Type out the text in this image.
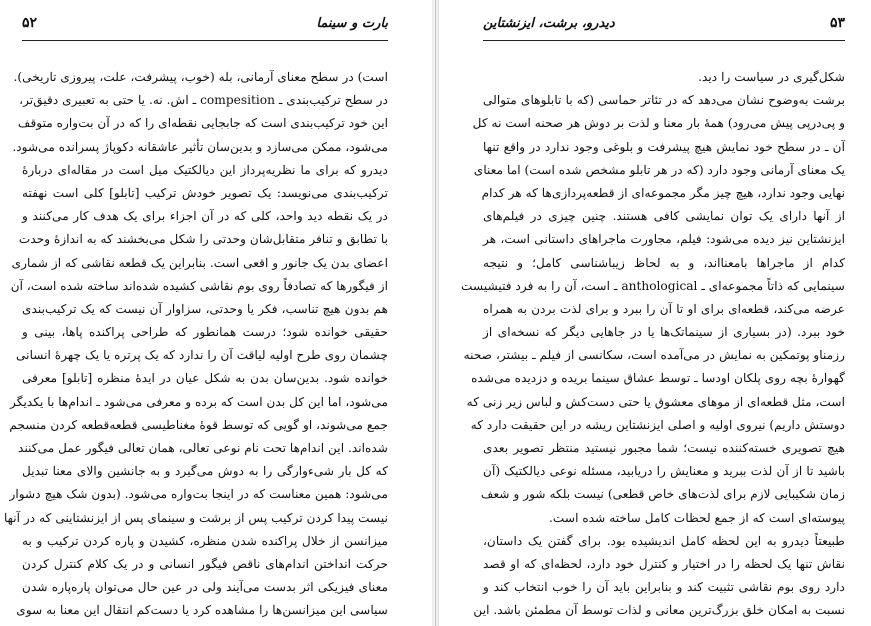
بارت و سینما
۵۲
است) در سطح معنای آرمانی، بله (خوب، پیشرفت، علت، پیروزی تاریخی).
در سطح ترکیب‌بندی ـ compesition ـ اش. نه. یا حتی به تعبیری دقیق‌تر،
این خود ترکیب‌بندی است که جابجایی نقطه‌ای را که در آن بت‌واره متوقف
می‌شود، ممکن می‌سازد و بدین‌سان تأثیر عاشقانه دکوپاژ پسرانده می‌شود.
دیدرو که برای ما نظریه‌پرداز این دیالکتیک میل است در مقاله‌ای دربارهٔ
ترکیب‌بندی می‌نویسد: یک تصویر خودش ترکیب [تابلو] کلی است نهفته
در یک نقطه دید واحد، کلی که در آن اجزاء برای یک هدف کار می‌کنند و
با تطابق و تنافر متقابل‌شان وحدتی را شکل می‌بخشند که به اندازهٔ وحدت
اعضای بدن یک جانور و اقعی است. بنابراین یک قطعه نقاشی که از شماری
از فیگورها که تصادفاً روی بوم نقاشی کشیده شده‌اند ساخته شده است، آن
هم بدون هیچ تناسب، فکر یا وحدتی، سزاوار آن نیست که یک ترکیب‌بندی
حقیقی خوانده شود؛ درست همانطور که طراحی پراکنده پاها، بینی و
چشمان روی طرح اولیه لیاقت آن را ندارد که یک پرتره یا یک چهرهٔ انسانی
خوانده شود. بدین‌سان بدن به شکل عیان در ایدهٔ منظره [تابلو] معرفی
می‌شود، اما این کل بدن است که برده و معرفی می‌شود ـ اندام‌ها با یکدیگر
جمع می‌شوند، او گویی که توسط قوهٔ مغناطیسی قطعه‌قطعه کردن منسجم
شده‌اند. این اندام‌ها تحت نام نوعی تعالی، همان تعالی فیگور عمل می‌کنند
که کل بار شیءوارگی را به دوش می‌گیرد و به جانشین والای معنا تبدیل
می‌شود: همین معناست که در اینجا بت‌واره می‌شود. (بدون شک هیچ دشوار
نیست پیدا کردن ترکیب پس از برشت و سینمای پس از ایزنشتاینی که در آنها
میزانسن از خلال پراکنده شدن منظره، کشیدن و پاره کردن ترکیب و به
حرکت انداختن اندام‌های ناقص فیگور انسانی و در یک کلام کنترل کردن
معنای فیزیکی اثر بدست می‌آیند ولی در عین حال می‌توان پاره‌پاره شدن
سیاسی این میزانسن‌ها را مشاهده کرد یا دست‌کم انتقال این معنا به سوی
۵۳
دیدرو، برشت، ایزنشتاین
شکل‌گیری در سیاست را دید.
برشت به‌وضوح نشان می‌دهد که در تئاتر حماسی (که با تابلوهای متوالی
و پی‌درپی پیش می‌رود) همهٔ بار معنا و لذت بر دوش هر صحنه است نه کل
آن ـ در سطح خود نمایش هیچ پیشرفت و بلوغی وجود ندارد در واقع تنها
یک معنای آرمانی وجود دارد (که در هر تابلو مشخص شده است) اما معنای
نهایی وجود ندارد، هیچ چیز مگر مجموعه‌ای از قطعه‌پردازی‌ها که هر کدام
از آنها دارای یک توان نمایشی کافی هستند. چنین چیزی در فیلم‌های
ایزنشتاین نیز دیده می‌شود: فیلم، مجاورت ماجراهای داستانی است، هر
کدام از ماجراها بامعنااند، و به لحاظ زیباشناسی کامل؛ و نتیجه
سینمایی که ذاتاً مجموعه‌ای ـ anthological ـ است، آن را به فرد فتیشیست
عرضه می‌کند، قطعه‌ای برای او تا آن را ببرد و برای لذت بردن به همراه
خود ببرد. (در بسیاری از سینماتک‌ها یا در جاهایی دیگر که نسخه‌ای از
رزمناو پوتمکین به نمایش در می‌آمده است، سکانسی از فیلم ـ بیشتر، صحنه
گهوارهٔ بچه روی پلکان اودسا ـ توسط عشاق سینما بریده و دزدیده می‌شده
است، مثل قطعه‌ای از موهای معشوق یا حتی دست‌کش و لباس زیر زنی که
دوستش داریم) نیروی اولیه و اصلی ایزنشتاین ریشه در این حقیقت دارد که
هیچ تصویری خسته‌کننده نیست؛ شما مجبور نیستید منتظر تصویر بعدی
باشید تا از آن لذت ببرید و معنایش را دریابید، مسئله نوعی دیالکتیک (آن
زمان شکیبایی لازم برای لذت‌های خاص قطعی) نیست بلکه شور و شعف
پیوسته‌ای است که از جمع لحظات کامل ساخته شده است.
طبیعتاً دیدرو به این لحظه کامل اندیشیده بود. برای گفتن یک داستان،
نقاش تنها یک لحظه را در اختیار و کنترل خود دارد، لحظه‌ای که او قصد
دارد روی بوم نقاشی تثبیت کند و بنابراین باید آن را خوب انتخاب کند و
نسبت به امکان خلق بزرگ‌ترین معانی و لذات توسط آن مطمئن باشد. این
